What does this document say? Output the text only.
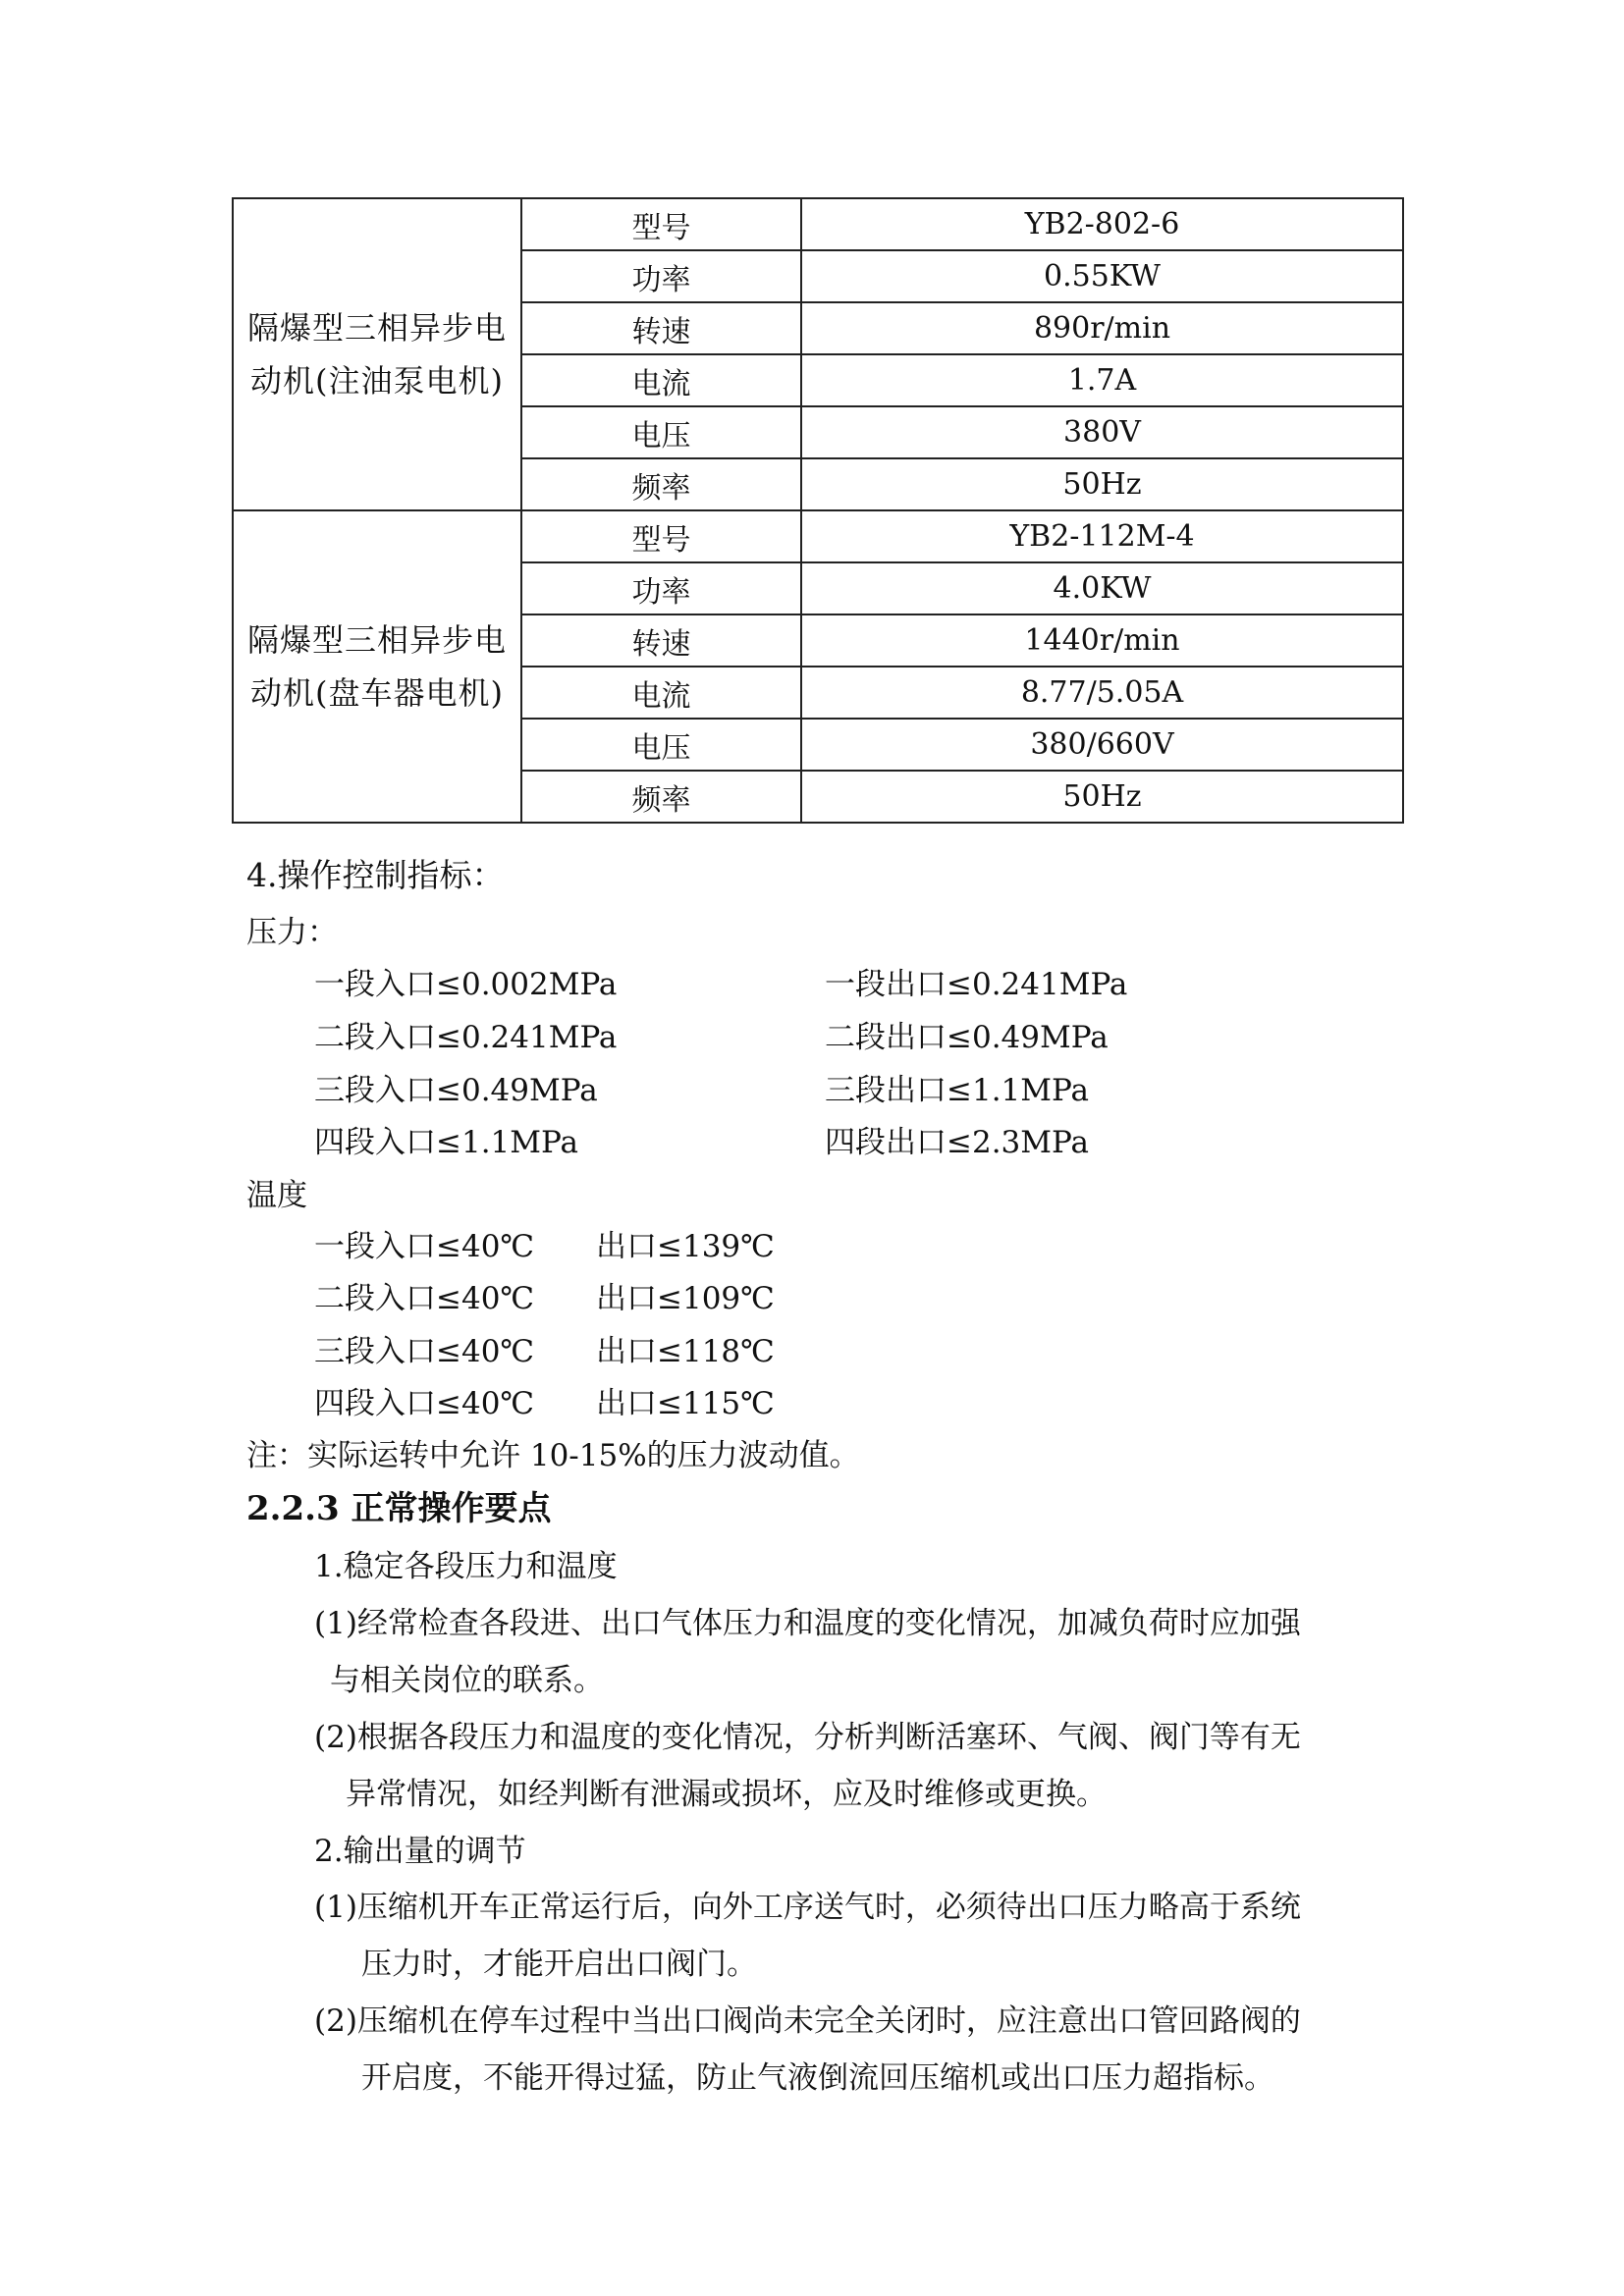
隔爆型三相异步电动机(注油泵电机)	型号	YB2-802-6
	功率	0.55KW
	转速	890r/min
	电流	1.7A
	电压	380V
	频率	50Hz
隔爆型三相异步电动机(盘车器电机)	型号	YB2-112M-4
	功率	4.0KW
	转速	1440r/min
	电流	8.77/5.05A
	电压	380/660V
	频率	50Hz
4.操作控制指标：
压力：
一段入口≤0.002MPa	一段出口≤0.241MPa
二段入口≤0.241MPa	二段出口≤0.49MPa
三段入口≤0.49MPa	三段出口≤1.1MPa
四段入口≤1.1MPa	四段出口≤2.3MPa
温度
一段入口≤40℃ 出口≤139℃
二段入口≤40℃ 出口≤109℃
三段入口≤40℃ 出口≤118℃
四段入口≤40℃ 出口≤115℃
注：实际运转中允许 10-15%的压力波动值。
2.2.3 正常操作要点
1.稳定各段压力和温度
(1)经常检查各段进、出口气体压力和温度的变化情况，加减负荷时应加强
与相关岗位的联系。
(2)根据各段压力和温度的变化情况，分析判断活塞环、气阀、阀门等有无
异常情况，如经判断有泄漏或损坏，应及时维修或更换。
2.输出量的调节
(1)压缩机开车正常运行后，向外工序送气时，必须待出口压力略高于系统
压力时，才能开启出口阀门。
(2)压缩机在停车过程中当出口阀尚未完全关闭时，应注意出口管回路阀的
开启度，不能开得过猛，防止气液倒流回压缩机或出口压力超指标。
